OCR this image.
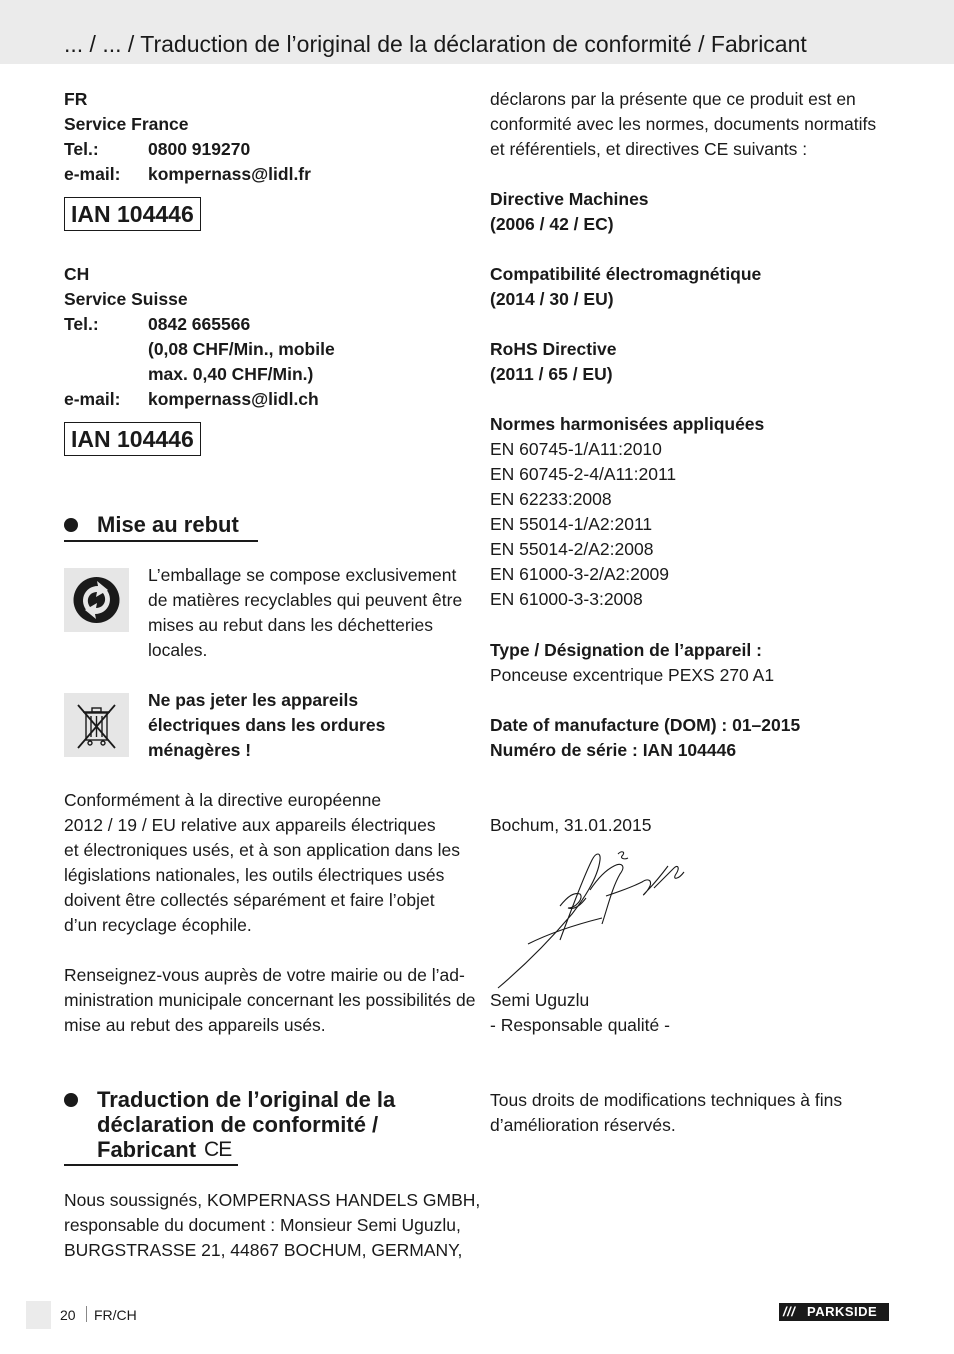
... / ... / Traduction de l’original de la déclaration de conformité / Fabricant
FR
Service France
Tel.:	0800 919270
e-mail:	kompernass@lidl.fr
IAN 104446
CH
Service Suisse
Tel.:	0842 665566
(0,08 CHF/Min., mobile
max. 0,40 CHF/Min.)
e-mail:	kompernass@lidl.ch
IAN 104446
Mise au rebut
L’emballage se compose exclusivement
de matières recyclables qui peuvent être
mises au rebut dans les déchetteries
locales.
Ne pas jeter les appareils
électriques dans les ordures
ménagères !
Conformément à la directive européenne
2012 / 19 / EU relative aux appareils électriques
et électroniques usés, et à son application dans les
législations nationales, les outils électriques usés
doivent être collectés séparément et faire l’objet
d’un recyclage écophile.
Renseignez-vous auprès de votre mairie ou de l’ad-
ministration municipale concernant les possibilités de
mise au rebut des appareils usés.
Traduction de l’original de la
déclaration de conformité /
Fabricant CE
Nous soussignés, KOMPERNASS HANDELS GMBH,
responsable du document : Monsieur Semi Uguzlu,
BURGSTRASSE 21, 44867 BOCHUM, GERMANY,
déclarons par la présente que ce produit est en
conformité avec les normes, documents normatifs
et référentiels, et directives CE suivants :
Directive Machines
(2006 / 42 / EC)
Compatibilité électromagnétique
(2014 / 30 / EU)
RoHS Directive
(2011 / 65 / EU)
Normes harmonisées appliquées
EN 60745-1/A11:2010
EN 60745-2-4/A11:2011
EN 62233:2008
EN 55014-1/A2:2011
EN 55014-2/A2:2008
EN 61000-3-2/A2:2009
EN 61000-3-3:2008
Type / Désignation de l’appareil :
Ponceuse excentrique PEXS 270 A1
Date of manufacture (DOM) : 01–2015
Numéro de série : IAN 104446
Bochum, 31.01.2015
Semi Uguzlu
- Responsable qualité -
Tous droits de modifications techniques à fins
d’amélioration réservés.
20 FR/CH	/// PARKSIDE
